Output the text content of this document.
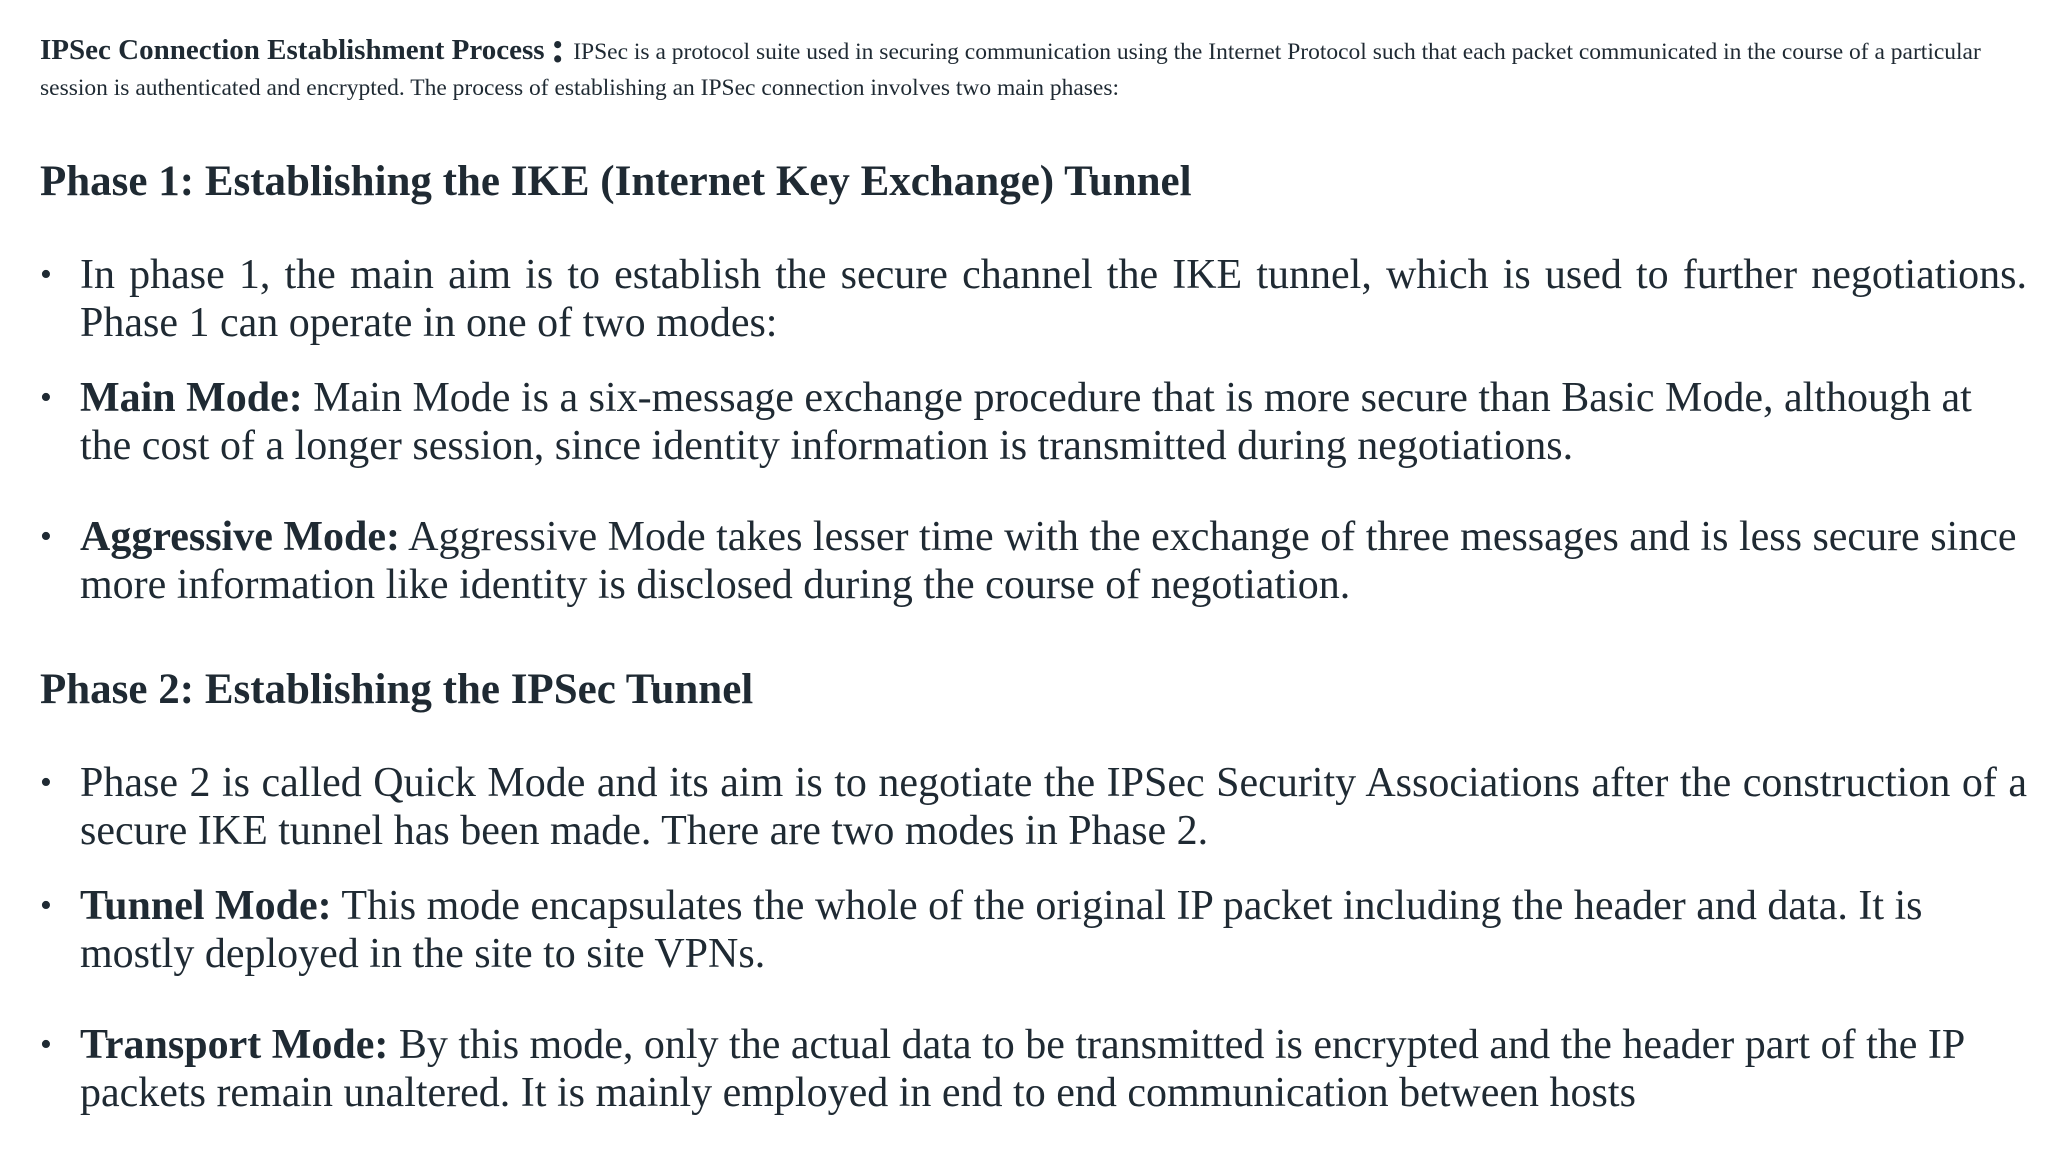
IPSec Connection Establishment Process : IPSec is a protocol suite used in securing communication using the Internet Protocol such that each packet communicated in the course of a particular session is authenticated and encrypted. The process of establishing an IPSec connection involves two main phases:

Phase 1: Establishing the IKE (Internet Key Exchange) Tunnel
• In phase 1, the main aim is to establish the secure channel the IKE tunnel, which is used to further negotiations. Phase 1 can operate in one of two modes:
• Main Mode: Main Mode is a six-message exchange procedure that is more secure than Basic Mode, although at the cost of a longer session, since identity information is transmitted during negotiations.
• Aggressive Mode: Aggressive Mode takes lesser time with the exchange of three messages and is less secure since more information like identity is disclosed during the course of negotiation.
Phase 2: Establishing the IPSec Tunnel
• Phase 2 is called Quick Mode and its aim is to negotiate the IPSec Security Associations after the construction of a secure IKE tunnel has been made. There are two modes in Phase 2.
• Tunnel Mode: This mode encapsulates the whole of the original IP packet including the header and data. It is mostly deployed in the site to site VPNs.
• Transport Mode: By this mode, only the actual data to be transmitted is encrypted and the header part of the IP packets remain unaltered. It is mainly employed in end to end communication between hosts
